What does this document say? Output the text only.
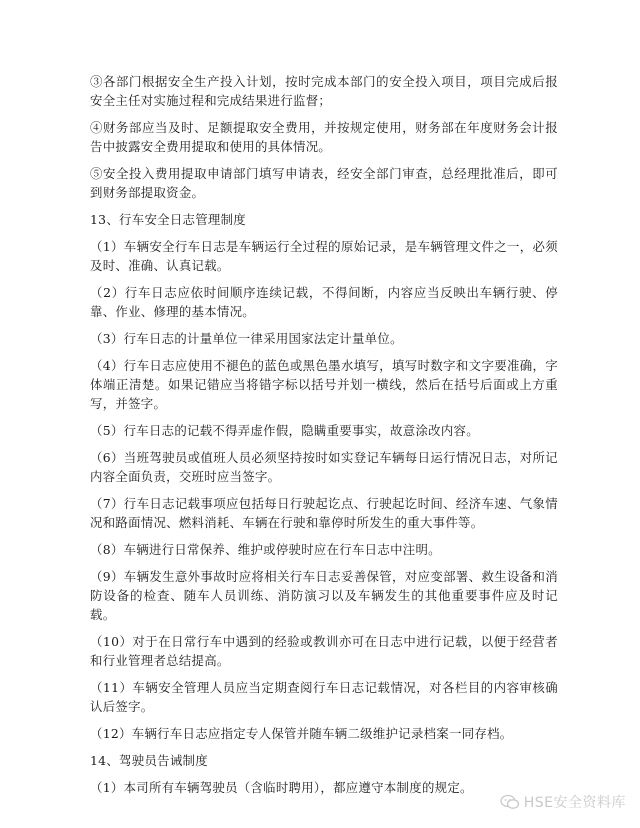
③各部门根据安全生产投入计划，按时完成本部门的安全投入项目，项目完成后报安全主任对实施过程和完成结果进行监督；

④财务部应当及时、足额提取安全费用，并按规定使用，财务部在年度财务会计报告中披露安全费用提取和使用的具体情况。

⑤安全投入费用提取申请部门填写申请表，经安全部门审查，总经理批准后，即可到财务部提取资金。

13、行车安全日志管理制度

（1）车辆安全行车日志是车辆运行全过程的原始记录，是车辆管理文件之一，必须及时、准确、认真记载。

（2）行车日志应依时间顺序连续记载，不得间断，内容应当反映出车辆行驶、停靠、作业、修理的基本情况。

（3）行车日志的计量单位一律采用国家法定计量单位。

（4）行车日志应使用不褪色的蓝色或黑色墨水填写，填写时数字和文字要准确，字体端正清楚。如果记错应当将错字标以括号并划一横线，然后在括号后面或上方重写，并签字。

（5）行车日志的记载不得弄虚作假，隐瞒重要事实，故意涂改内容。

（6）当班驾驶员或值班人员必须坚持按时如实登记车辆每日运行情况日志，对所记内容全面负责，交班时应当签字。

（7）行车日志记载事项应包括每日行驶起讫点、行驶起讫时间、经济车速、气象情况和路面情况、燃料消耗、车辆在行驶和靠停时所发生的重大事件等。

（8）车辆进行日常保养、维护或停驶时应在行车日志中注明。

（9）车辆发生意外事故时应将相关行车日志妥善保管，对应变部署、救生设备和消防设备的检查、随车人员训练、消防演习以及车辆发生的其他重要事件应及时记载。

（10）对于在日常行车中遇到的经验或教训亦可在日志中进行记载，以便于经营者和行业管理者总结提高。

（11）车辆安全管理人员应当定期查阅行车日志记载情况，对各栏目的内容审核确认后签字。

（12）车辆行车日志应指定专人保管并随车辆二级维护记录档案一同存档。

14、驾驶员告诫制度

（1）本司所有车辆驾驶员（含临时聘用），都应遵守本制度的规定。

HSE安全资料库
